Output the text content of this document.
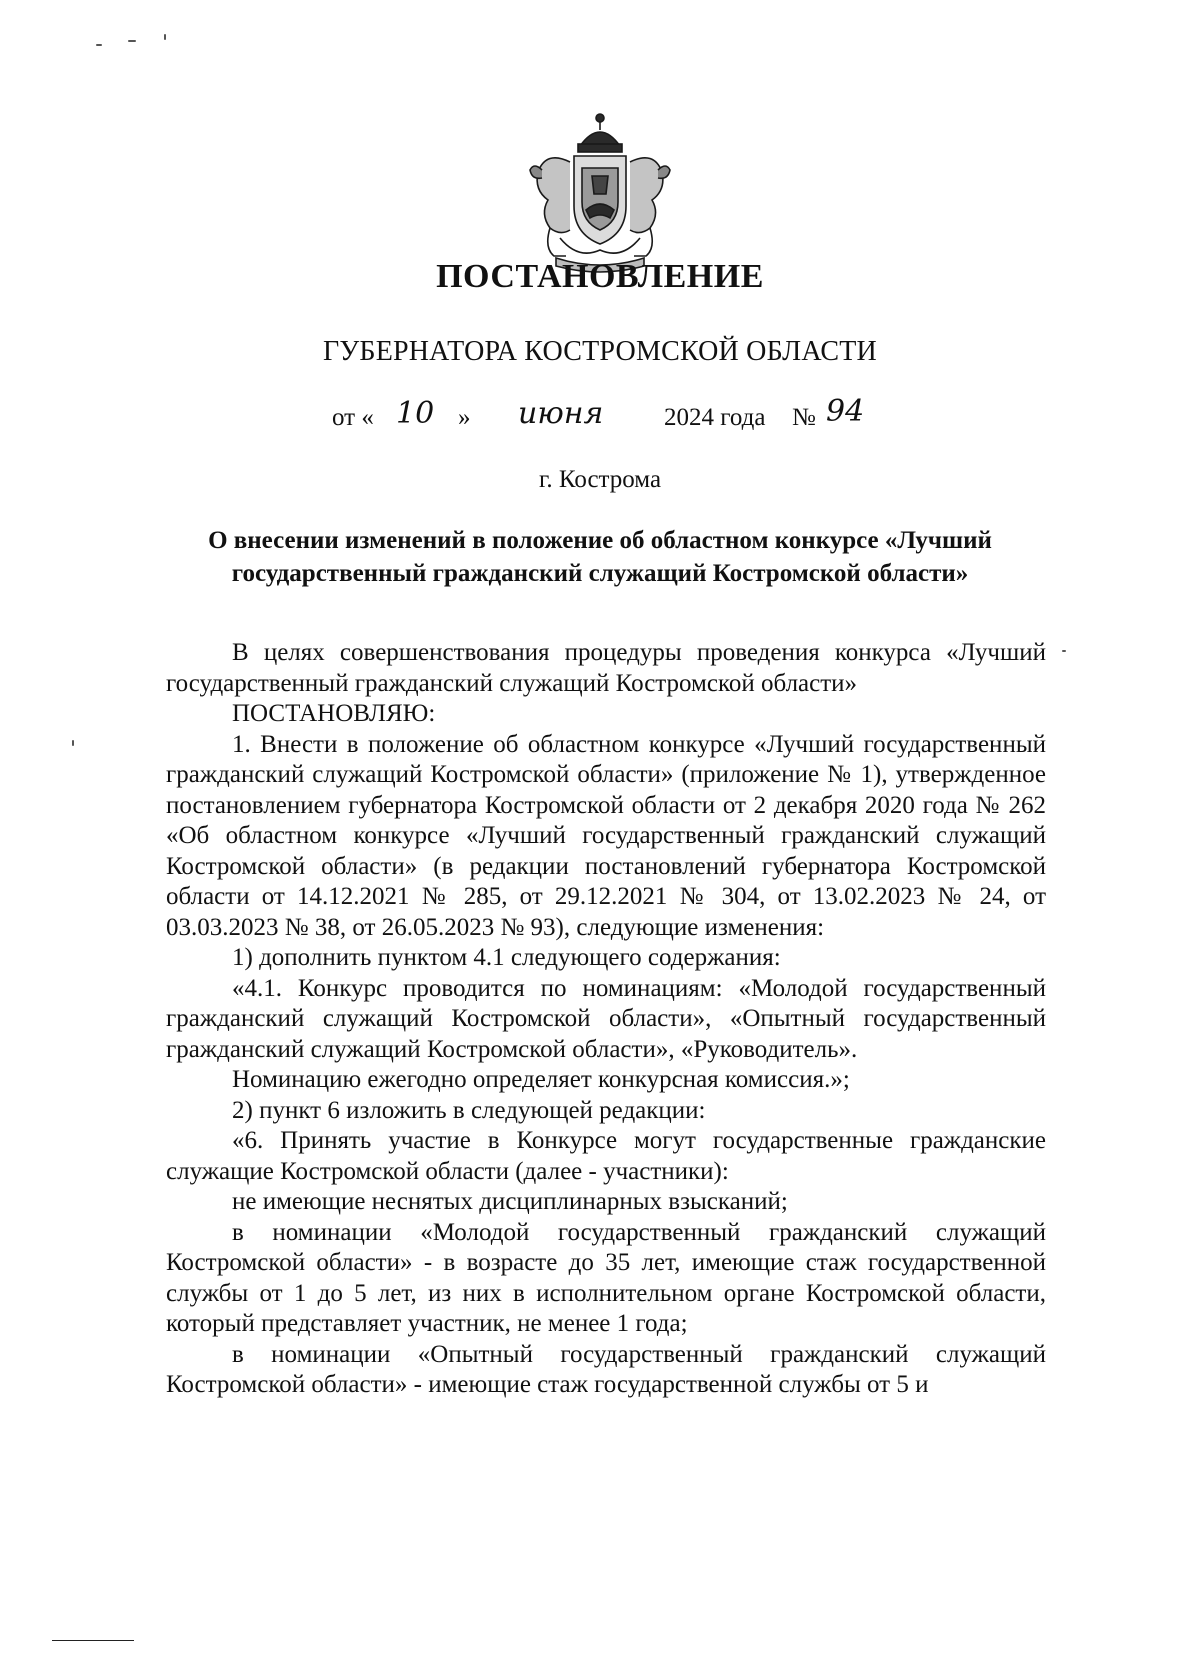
ПОСТАНОВЛЕНИЕ
ГУБЕРНАТОРА КОСТРОМСКОЙ ОБЛАСТИ
от « 10 » июня 2024 года № 94
г. Кострома
О внесении изменений в положение об областном конкурсе «Лучший государственный гражданский служащий Костромской области»

В целях совершенствования процедуры проведения конкурса «Лучший государственный гражданский служащий Костромской области»

ПОСТАНОВЛЯЮ:

1. Внести в положение об областном конкурсе «Лучший государственный гражданский служащий Костромской области» (приложение № 1), утвержденное постановлением губернатора Костромской области от 2 декабря 2020 года № 262 «Об областном конкурсе «Лучший государственный гражданский служащий Костромской области» (в редакции постановлений губернатора Костромской области от 14.12.2021 № 285, от 29.12.2021 № 304, от 13.02.2023 № 24, от 03.03.2023 № 38, от 26.05.2023 № 93), следующие изменения:

1) дополнить пунктом 4.1 следующего содержания:

«4.1. Конкурс проводится по номинациям: «Молодой государственный гражданский служащий Костромской области», «Опытный государственный гражданский служащий Костромской области», «Руководитель».

Номинацию ежегодно определяет конкурсная комиссия.»;

2) пункт 6 изложить в следующей редакции:

«6. Принять участие в Конкурсе могут государственные гражданские служащие Костромской области (далее - участники):

не имеющие неснятых дисциплинарных взысканий;

в номинации «Молодой государственный гражданский служащий Костромской области» - в возрасте до 35 лет, имеющие стаж государственной службы от 1 до 5 лет, из них в исполнительном органе Костромской области, который представляет участник, не менее 1 года;

в номинации «Опытный государственный гражданский служащий Костромской области» - имеющие стаж государственной службы от 5 и
